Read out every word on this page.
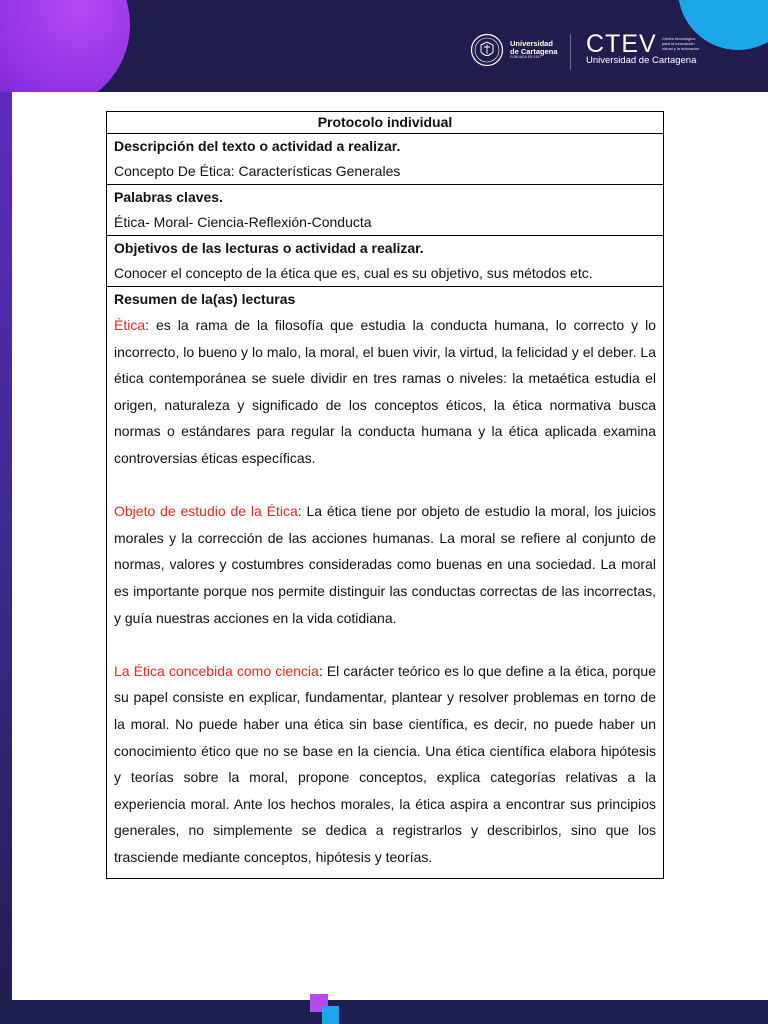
Universidad
de Cartagena
FUNDADA EN 1827	CTEV
Universidad de Cartagena
Centro tecnológico para la innovación virtual y la educación
Protocolo individual

Descripción del texto o actividad a realizar.
Concepto De Ética: Características Generales

Palabras claves.
Ética- Moral- Ciencia-Reflexión-Conducta

Objetivos de las lecturas o actividad a realizar.
Conocer el concepto de la ética que es, cual es su objetivo, sus métodos etc.

Resumen de la(as) lecturas

Ética: es la rama de la filosofía que estudia la conducta humana, lo correcto y lo incorrecto, lo bueno y lo malo, la moral, el buen vivir, la virtud, la felicidad y el deber. La ética contemporánea se suele dividir en tres ramas o niveles: la metaética estudia el origen, naturaleza y significado de los conceptos éticos, la ética normativa busca normas o estándares para regular la conducta humana y la ética aplicada examina controversias éticas específicas.

Objeto de estudio de la Ética: La ética tiene por objeto de estudio la moral, los juicios morales y la corrección de las acciones humanas. La moral se refiere al conjunto de normas, valores y costumbres consideradas como buenas en una sociedad. La moral es importante porque nos permite distinguir las conductas correctas de las incorrectas, y guía nuestras acciones en la vida cotidiana.

La Ética concebida como ciencia: El carácter teórico es lo que define a la ética, porque su papel consiste en explicar, fundamentar, plantear y resolver problemas en torno de la moral. No puede haber una ética sin base científica, es decir, no puede haber un conocimiento ético que no se base en la ciencia. Una ética científica elabora hipótesis y teorías sobre la moral, propone conceptos, explica categorías relativas a la experiencia moral. Ante los hechos morales, la ética aspira a encontrar sus principios generales, no simplemente se dedica a registrarlos y describirlos, sino que los trasciende mediante conceptos, hipótesis y teorías.
